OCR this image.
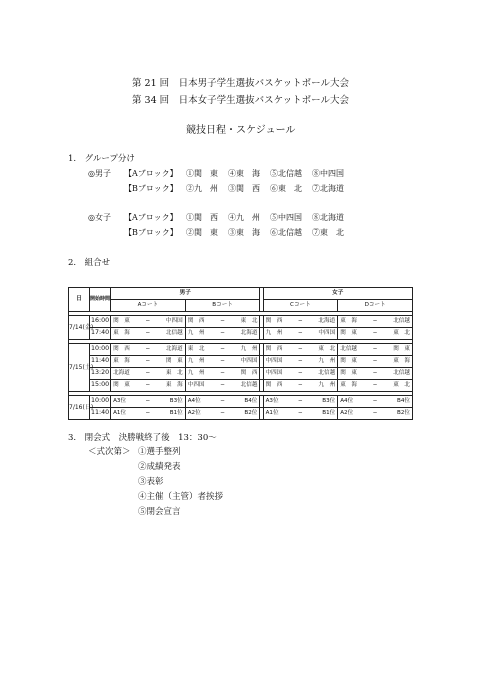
第 21 回　日本男子学生選抜バスケットボール大会
第 34 回　日本女子学生選抜バスケットボール大会
競技日程・スケジュール
1.　グループ分け
◎男子 【Aブロック】 ①関　東 ④東　海 ⑤北信越 ⑧中四国
【Bブロック】 ②九　州 ③関　西 ⑥東　北 ⑦北海道
◎女子 【Aブロック】 ①関　西 ④九　州 ⑤中四国 ⑧北海道
【Bブロック】 ②関　東 ③東　海 ⑥北信越 ⑦東　北
2.　組合せ
日	開始時間	男子			女子	
		Aコート	Bコート		Cコート	Dコート

7/14(金)	16:00	関　東 − 中四国	関　西 − 東　北		関　西 − 北海道	東　海 − 北信越

	17:40	東　海 − 北信越	九　州 − 北海道		九　州 − 中四国	関　東 − 東　北

7/15(土)	10:00	関　西 − 北海道	東　北 − 九　州		関　西 − 東　北	北信越 − 関　東

	11:40	東　海 − 関　東	九　州 − 中四国		中四国 − 九　州	関　東 − 東　海

	13:20	北海道 − 東　北	九　州 − 関　西		中四国 − 北信越	関　東 − 北信越

	15:00	関　東 − 東　海	中四国 − 北信越		関　西 − 九　州	東　海 − 東　北

7/16(日)	10:00	A3位 − B3位	A4位 − B4位		A3位 − B3位	A4位 − B4位

	11:40	A1位 − B1位	A2位 − B2位		A1位 − B1位	A2位 − B2位
3.　閉会式　決勝戦終了後　13：30～
＜式次第＞ ①選手整列
②成績発表
③表彰
④主催（主管）者挨拶
⑤閉会宣言
